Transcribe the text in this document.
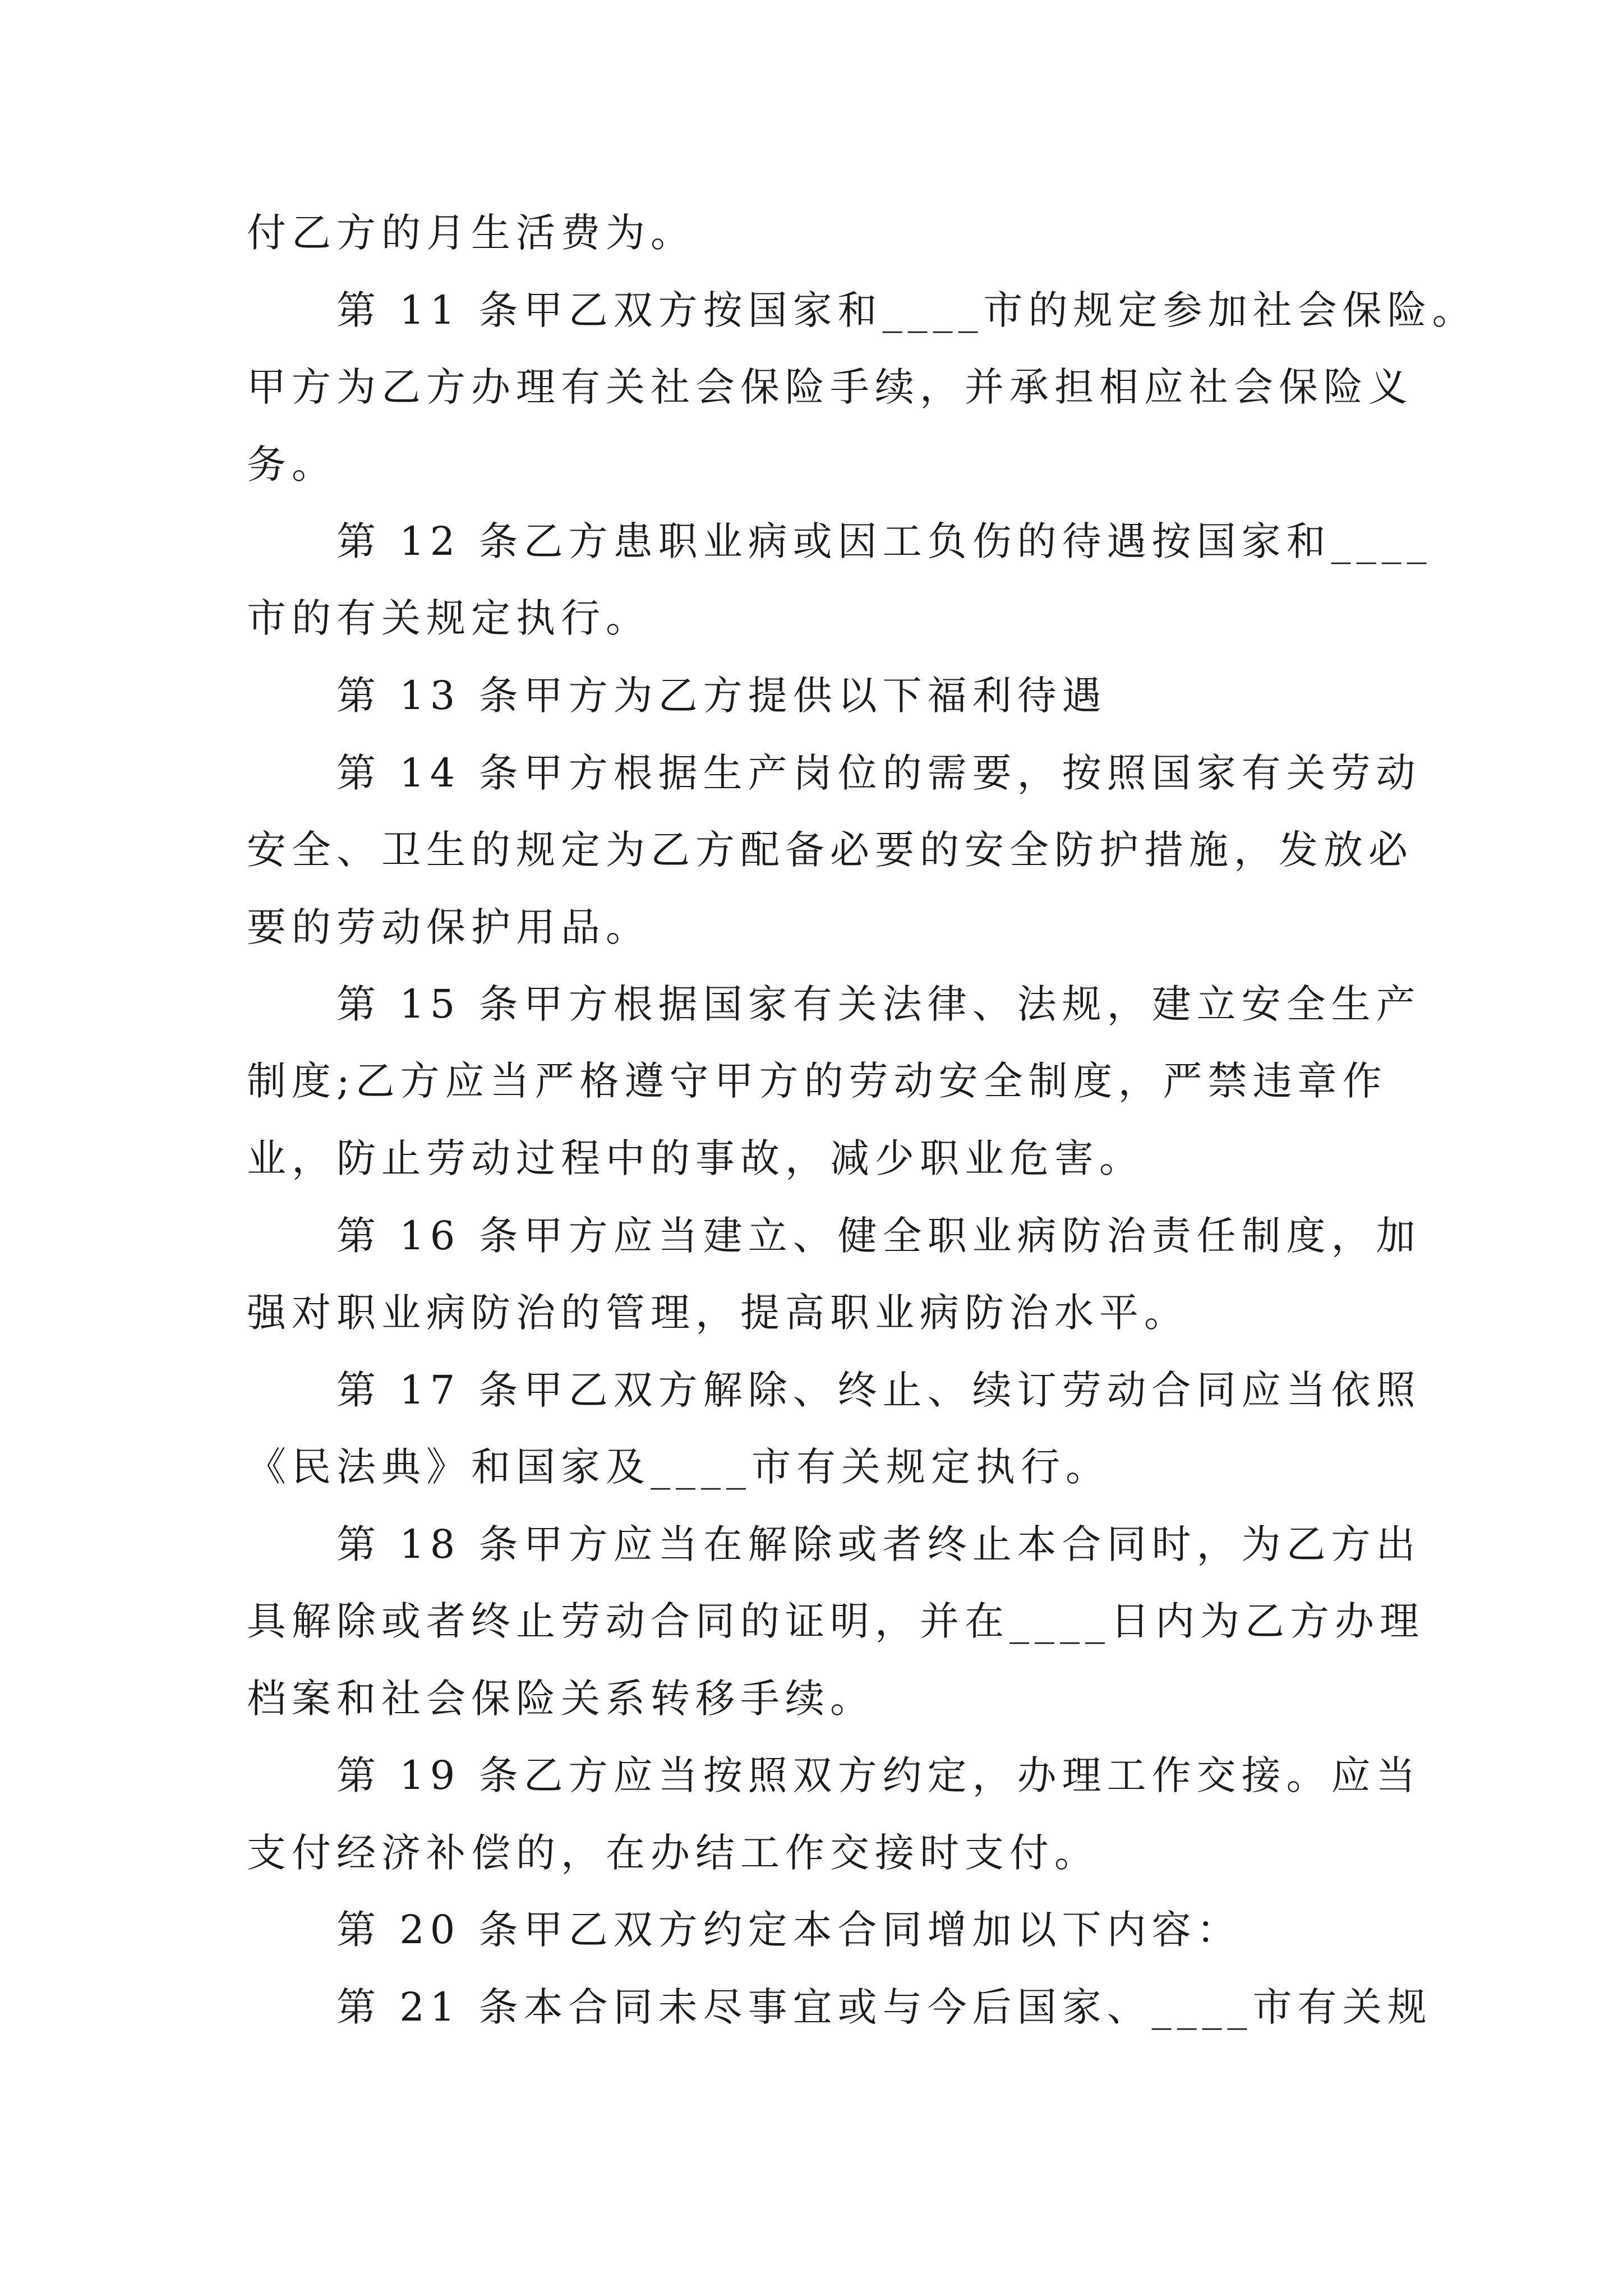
付乙方的月生活费为。
第 11 条甲乙双方按国家和____市的规定参加社会保险。
甲方为乙方办理有关社会保险手续，并承担相应社会保险义
务。
第 12 条乙方患职业病或因工负伤的待遇按国家和____
市的有关规定执行。
第 13 条甲方为乙方提供以下福利待遇
第 14 条甲方根据生产岗位的需要，按照国家有关劳动
安全、卫生的规定为乙方配备必要的安全防护措施，发放必
要的劳动保护用品。
第 15 条甲方根据国家有关法律、法规，建立安全生产
制度;乙方应当严格遵守甲方的劳动安全制度，严禁违章作
业，防止劳动过程中的事故，减少职业危害。
第 16 条甲方应当建立、健全职业病防治责任制度，加
强对职业病防治的管理，提高职业病防治水平。
第 17 条甲乙双方解除、终止、续订劳动合同应当依照
《民法典》和国家及____市有关规定执行。
第 18 条甲方应当在解除或者终止本合同时，为乙方出
具解除或者终止劳动合同的证明，并在____日内为乙方办理
档案和社会保险关系转移手续。
第 19 条乙方应当按照双方约定，办理工作交接。应当
支付经济补偿的，在办结工作交接时支付。
第 20 条甲乙双方约定本合同增加以下内容：
第 21 条本合同未尽事宜或与今后国家、____市有关规
